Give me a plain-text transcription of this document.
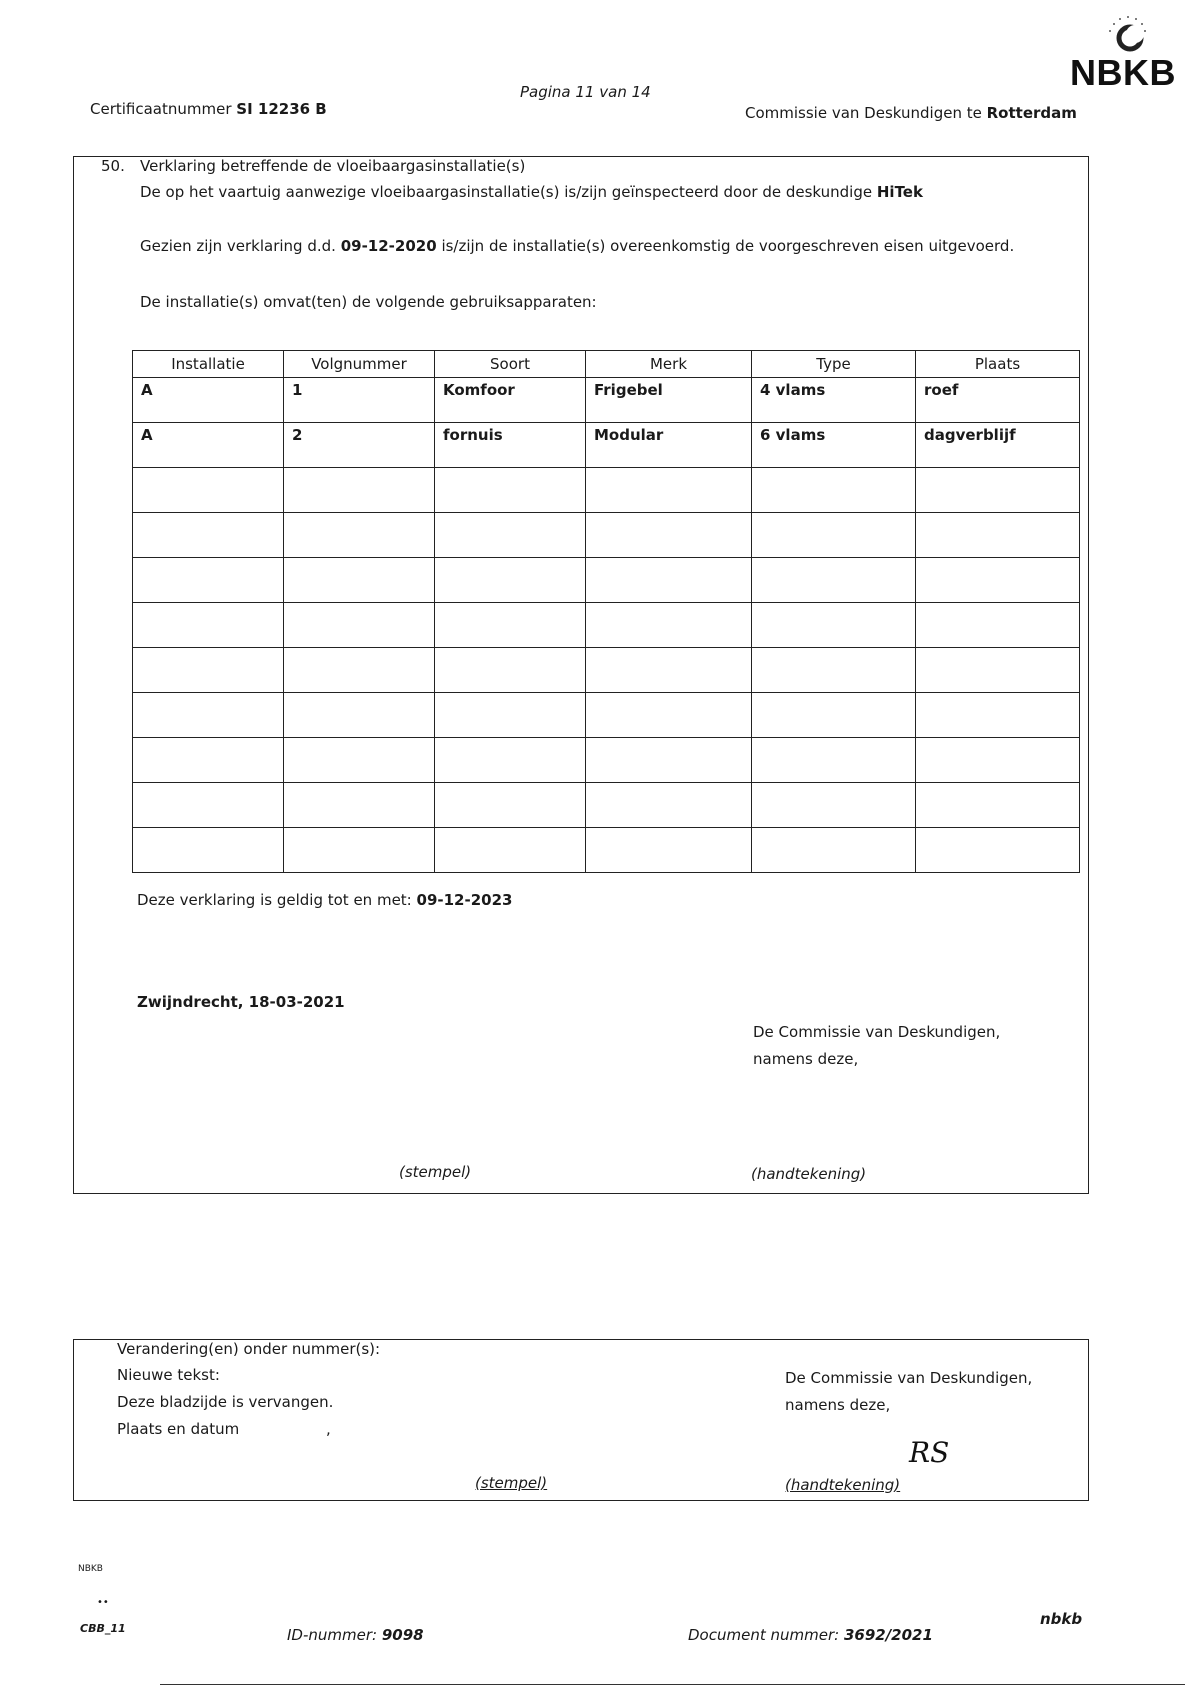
Certificaatnummer SI 12236 B
Pagina 11 van 14
Commissie van Deskundigen te Rotterdam
NBKB
50. Verklaring betreffende de vloeibaargasinstallatie(s)
De op het vaartuig aanwezige vloeibaargasinstallatie(s) is/zijn geïnspecteerd door de deskundige HiTek
Gezien zijn verklaring d.d. 09-12-2020 is/zijn de installatie(s) overeenkomstig de voorgeschreven eisen uitgevoerd.
De installatie(s) omvat(ten) de volgende gebruiksapparaten:
Deze verklaring is geldig tot en met: 09-12-2023
Zwijndrecht, 18-03-2021
De Commissie van Deskundigen,
namens deze,
(stempel)	(handtekening)
Installatie	Volgnummer	Soort	Merk	Type	Plaats
A	1	Komfoor	Frigebel	4 vlams	roef
A	2	fornuis	Modular	6 vlams	dagverblijf

Verandering(en) onder nummer(s):
Nieuwe tekst:
Deze bladzijde is vervangen.
Plaats en datum	,
De Commissie van Deskundigen,
namens deze,
RS
(stempel)	(handtekening)
NBKB
••
CBB_11	ID-nummer: 9098	Document nummer: 3692/2021
nbkb
